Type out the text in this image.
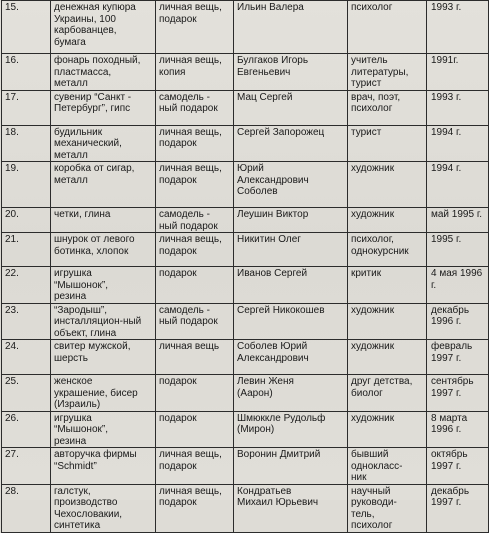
15.	денежная купюра
Украины, 100
карбованцев,
бумага	личная вещь,
подарок	Ильин Валера	психолог	1993 г.
16.	фонарь походный,
пластмасса,
металл	личная вещь,
копия	Булгаков Игорь
Евгеньевич	учитель
литературы,
турист	1991г.
17.	сувенир “Санкт -
Петербург”, гипс	самодель -
ный подарок	Мац Сергей	врач, поэт,
психолог	1993 г.
18.	будильник
механический,
металл	личная вещь,
подарок	Сергей Запорожец	турист	1994 г.
19.	коробка от сигар,
металл	личная вещь,
подарок	Юрий
Александрович
Соболев	художник	1994 г.
20.	четки, глина	самодель -
ный подарок	Леушин Виктор	художник	май 1995 г.
21.	шнурок от левого
ботинка, хлопок	личная вещь,
подарок	Никитин Олег	психолог,
однокурсник	1995 г.
22.	игрушка
“Мышонок”,
резина	подарок	Иванов Сергей	критик	4 мая 1996 г.
23.	“Зародыш”,
инсталляцион-ный
объект, глина	самодель -
ный подарок	Сергей Никокошев	художник	декабрь
1996 г.
24.	свитер мужской,
шерсть	личная вещь	Соболев Юрий
Александрович	художник	февраль
1997 г.
25.	женское
украшение, бисер
(Израиль)	подарок	Левин Женя
(Аарон)	друг детства,
биолог	сентябрь
1997 г.
26.	игрушка
“Мышонок”,
резина	подарок	Шмюккле Рудольф
(Мирон)	художник	8 марта
1996 г.
27.	авторучка фирмы
“Schmidt”	личная вещь,
подарок	Воронин Дмитрий	бывший
однокласс-
ник	октябрь
1997 г.
28.	галстук,
производство
Чехословакии,
синтетика	личная вещь,
подарок	Кондратьев
Михаил Юрьевич	научный
руководи-
тель,
психолог	декабрь
1997 г.
